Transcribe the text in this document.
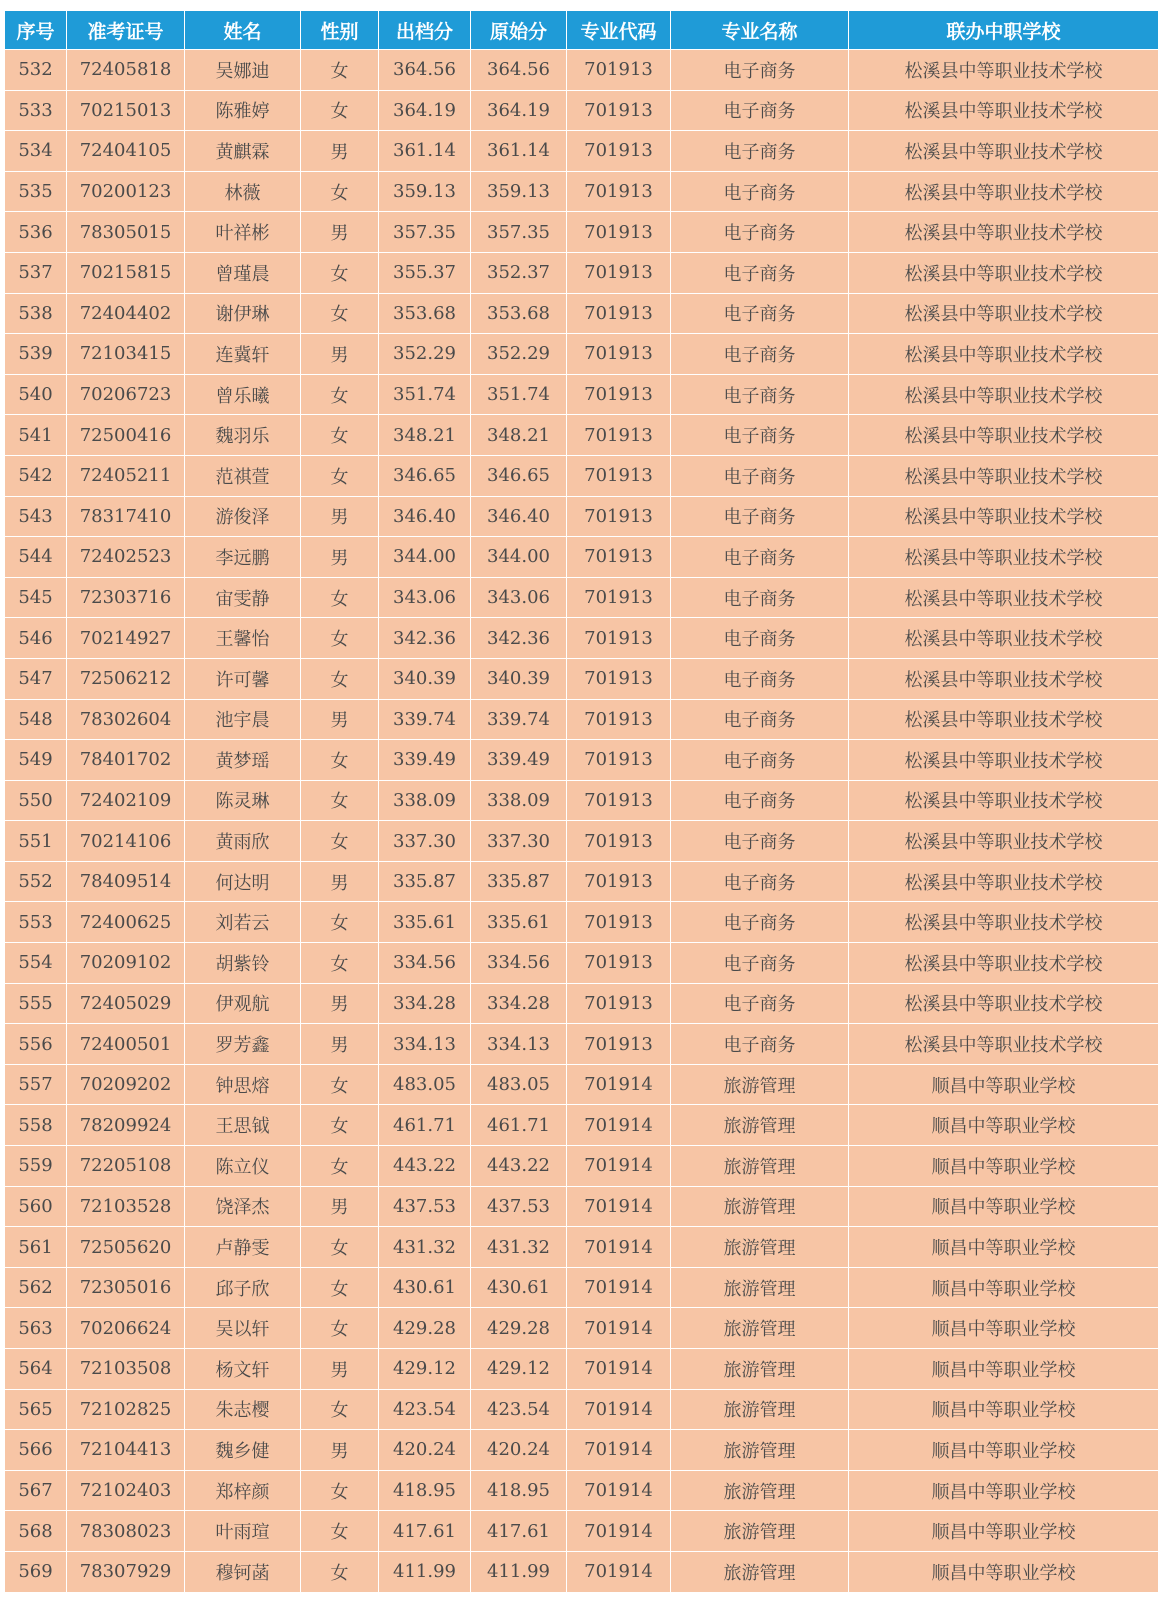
序号	准考证号	姓名	性别	出档分	原始分	专业代码	专业名称	联办中职学校
532	72405818	吴娜迪	女	364.56	364.56	701913	电子商务	松溪县中等职业技术学校
533	70215013	陈雅婷	女	364.19	364.19	701913	电子商务	松溪县中等职业技术学校
534	72404105	黄麒霖	男	361.14	361.14	701913	电子商务	松溪县中等职业技术学校
535	70200123	林薇	女	359.13	359.13	701913	电子商务	松溪县中等职业技术学校
536	78305015	叶祥彬	男	357.35	357.35	701913	电子商务	松溪县中等职业技术学校
537	70215815	曾瑾晨	女	355.37	352.37	701913	电子商务	松溪县中等职业技术学校
538	72404402	谢伊琳	女	353.68	353.68	701913	电子商务	松溪县中等职业技术学校
539	72103415	连冀轩	男	352.29	352.29	701913	电子商务	松溪县中等职业技术学校
540	70206723	曾乐曦	女	351.74	351.74	701913	电子商务	松溪县中等职业技术学校
541	72500416	魏羽乐	女	348.21	348.21	701913	电子商务	松溪县中等职业技术学校
542	72405211	范祺萱	女	346.65	346.65	701913	电子商务	松溪县中等职业技术学校
543	78317410	游俊泽	男	346.40	346.40	701913	电子商务	松溪县中等职业技术学校
544	72402523	李远鹏	男	344.00	344.00	701913	电子商务	松溪县中等职业技术学校
545	72303716	宙雯静	女	343.06	343.06	701913	电子商务	松溪县中等职业技术学校
546	70214927	王馨怡	女	342.36	342.36	701913	电子商务	松溪县中等职业技术学校
547	72506212	许可馨	女	340.39	340.39	701913	电子商务	松溪县中等职业技术学校
548	78302604	池宇晨	男	339.74	339.74	701913	电子商务	松溪县中等职业技术学校
549	78401702	黄梦瑶	女	339.49	339.49	701913	电子商务	松溪县中等职业技术学校
550	72402109	陈灵琳	女	338.09	338.09	701913	电子商务	松溪县中等职业技术学校
551	70214106	黄雨欣	女	337.30	337.30	701913	电子商务	松溪县中等职业技术学校
552	78409514	何达明	男	335.87	335.87	701913	电子商务	松溪县中等职业技术学校
553	72400625	刘若云	女	335.61	335.61	701913	电子商务	松溪县中等职业技术学校
554	70209102	胡紫铃	女	334.56	334.56	701913	电子商务	松溪县中等职业技术学校
555	72405029	伊观航	男	334.28	334.28	701913	电子商务	松溪县中等职业技术学校
556	72400501	罗芳鑫	男	334.13	334.13	701913	电子商务	松溪县中等职业技术学校
557	70209202	钟思熔	女	483.05	483.05	701914	旅游管理	顺昌中等职业学校
558	78209924	王思钺	女	461.71	461.71	701914	旅游管理	顺昌中等职业学校
559	72205108	陈立仪	女	443.22	443.22	701914	旅游管理	顺昌中等职业学校
560	72103528	饶泽杰	男	437.53	437.53	701914	旅游管理	顺昌中等职业学校
561	72505620	卢静雯	女	431.32	431.32	701914	旅游管理	顺昌中等职业学校
562	72305016	邱子欣	女	430.61	430.61	701914	旅游管理	顺昌中等职业学校
563	70206624	吴以轩	女	429.28	429.28	701914	旅游管理	顺昌中等职业学校
564	72103508	杨文轩	男	429.12	429.12	701914	旅游管理	顺昌中等职业学校
565	72102825	朱志樱	女	423.54	423.54	701914	旅游管理	顺昌中等职业学校
566	72104413	魏乡健	男	420.24	420.24	701914	旅游管理	顺昌中等职业学校
567	72102403	郑梓颜	女	418.95	418.95	701914	旅游管理	顺昌中等职业学校
568	78308023	叶雨瑄	女	417.61	417.61	701914	旅游管理	顺昌中等职业学校
569	78307929	穆钶菡	女	411.99	411.99	701914	旅游管理	顺昌中等职业学校
